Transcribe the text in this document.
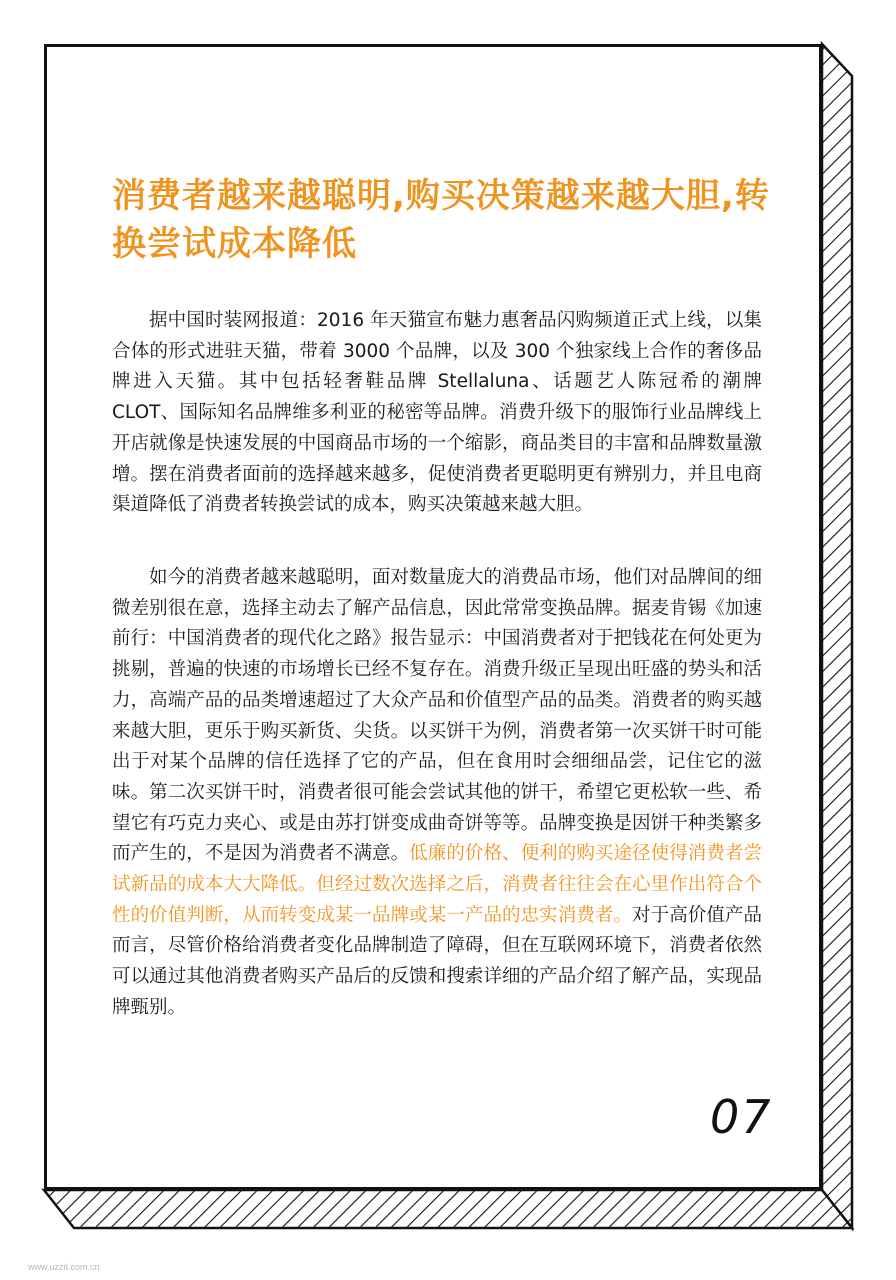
消费者越来越聪明,购买决策越来越大胆,转换尝试成本降低

据中国时装网报道：2016 年天猫宣布魅力惠奢品闪购频道正式上线，以集合体的形式进驻天猫，带着 3000 个品牌，以及 300 个独家线上合作的奢侈品牌进入天猫。其中包括轻奢鞋品牌 Stellaluna、话题艺人陈冠希的潮牌 CLOT、国际知名品牌维多利亚的秘密等品牌。消费升级下的服饰行业品牌线上开店就像是快速发展的中国商品市场的一个缩影，商品类目的丰富和品牌数量激增。摆在消费者面前的选择越来越多，促使消费者更聪明更有辨别力，并且电商渠道降低了消费者转换尝试的成本，购买决策越来越大胆。

如今的消费者越来越聪明，面对数量庞大的消费品市场，他们对品牌间的细微差别很在意，选择主动去了解产品信息，因此常常变换品牌。据麦肯锡《加速前行：中国消费者的现代化之路》报告显示：中国消费者对于把钱花在何处更为挑剔，普遍的快速的市场增长已经不复存在。消费升级正呈现出旺盛的势头和活力，高端产品的品类增速超过了大众产品和价值型产品的品类。消费者的购买越来越大胆，更乐于购买新货、尖货。以买饼干为例，消费者第一次买饼干时可能出于对某个品牌的信任选择了它的产品，但在食用时会细细品尝，记住它的滋味。第二次买饼干时，消费者很可能会尝试其他的饼干，希望它更松软一些、希望它有巧克力夹心、或是由苏打饼变成曲奇饼等等。品牌变换是因饼干种类繁多而产生的，不是因为消费者不满意。低廉的价格、便利的购买途径使得消费者尝试新品的成本大大降低。但经过数次选择之后，消费者往往会在心里作出符合个性的价值判断，从而转变成某一品牌或某一产品的忠实消费者。对于高价值产品而言，尽管价格给消费者变化品牌制造了障碍，但在互联网环境下，消费者依然可以通过其他消费者购买产品后的反馈和搜索详细的产品介绍了解产品，实现品牌甄别。

07

www.uzzit.com.cn
